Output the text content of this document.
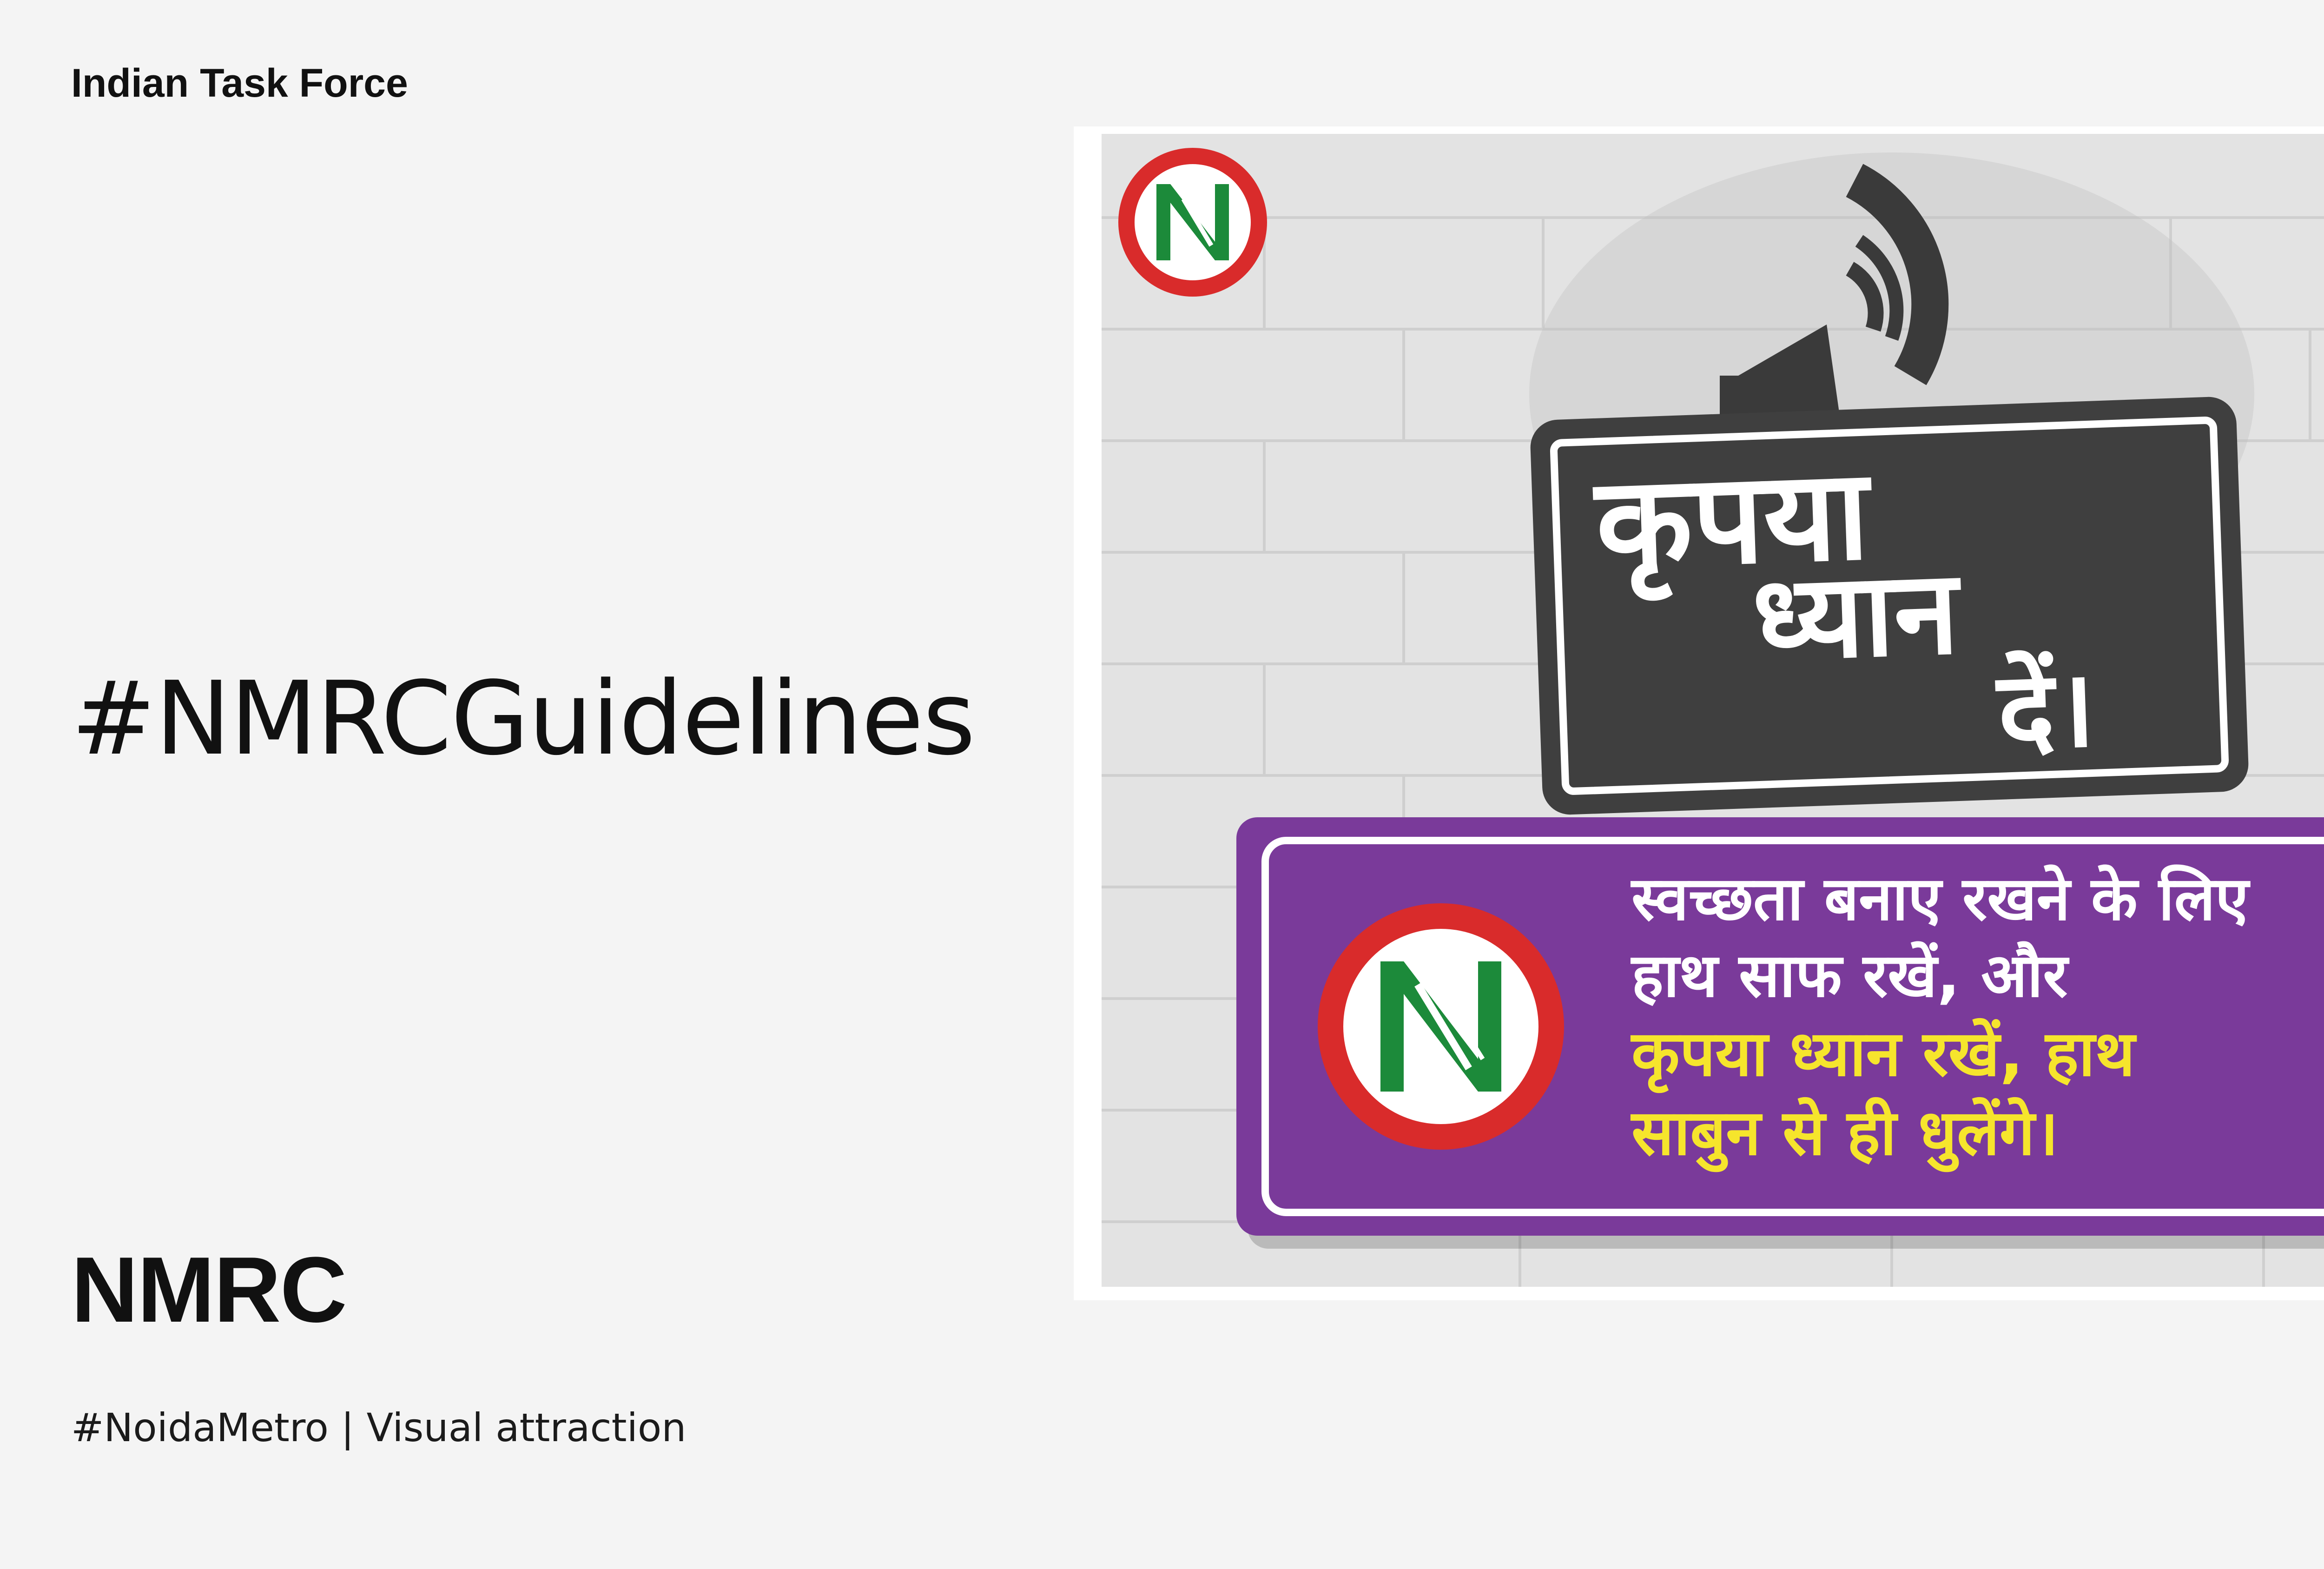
Indian Task Force
#NMRCGuidelines
NMRC
#NoidaMetro | Visual attraction
कृपया
ध्यान
दें।
स्वच्छता बनाए रखने के लिए
हाथ साफ रखें, और
कृपया ध्यान रखें, हाथ
साबुन से ही धुलेंगे।
